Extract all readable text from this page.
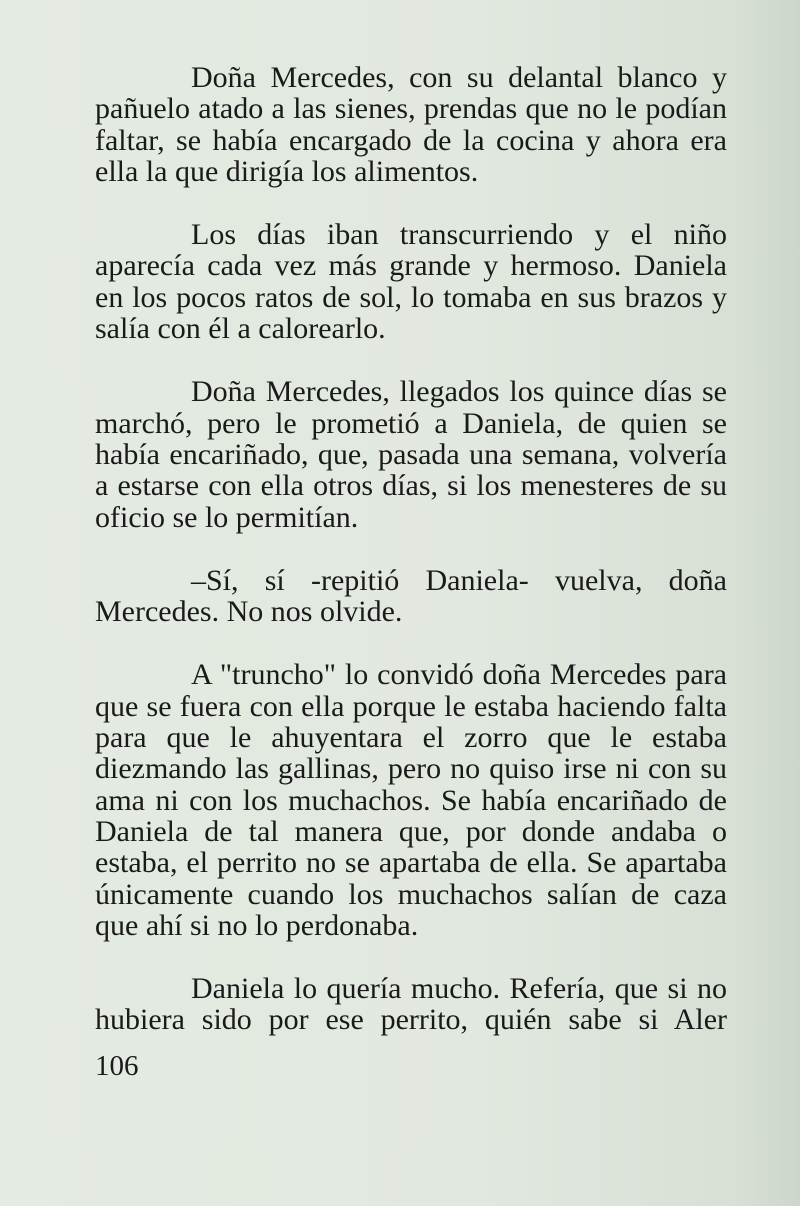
Doña Mercedes, con su delantal blanco y pañuelo atado a las sienes, prendas que no le podían faltar, se había encargado de la cocina y ahora era ella la que dirigía los alimentos.

Los días iban transcurriendo y el niño aparecía cada vez más grande y hermoso. Daniela en los pocos ratos de sol, lo tomaba en sus brazos y salía con él a calorearlo.

Doña Mercedes, llegados los quince días se marchó, pero le prometió a Daniela, de quien se había encariñado, que, pasada una semana, volvería a estarse con ella otros días, si los menesteres de su oficio se lo permitían.

–Sí, sí -repitió Daniela- vuelva, doña Mercedes. No nos olvide.

A "truncho" lo convidó doña Mercedes para que se fuera con ella porque le estaba haciendo falta para que le ahuyentara el zorro que le estaba diezmando las gallinas, pero no quiso irse ni con su ama ni con los muchachos. Se había encariñado de Daniela de tal manera que, por donde andaba o estaba, el perrito no se apartaba de ella. Se apartaba únicamente cuando los muchachos salían de caza que ahí si no lo perdonaba.

Daniela lo quería mucho. Refería, que si no hubiera sido por ese perrito, quién sabe si Aler

106
